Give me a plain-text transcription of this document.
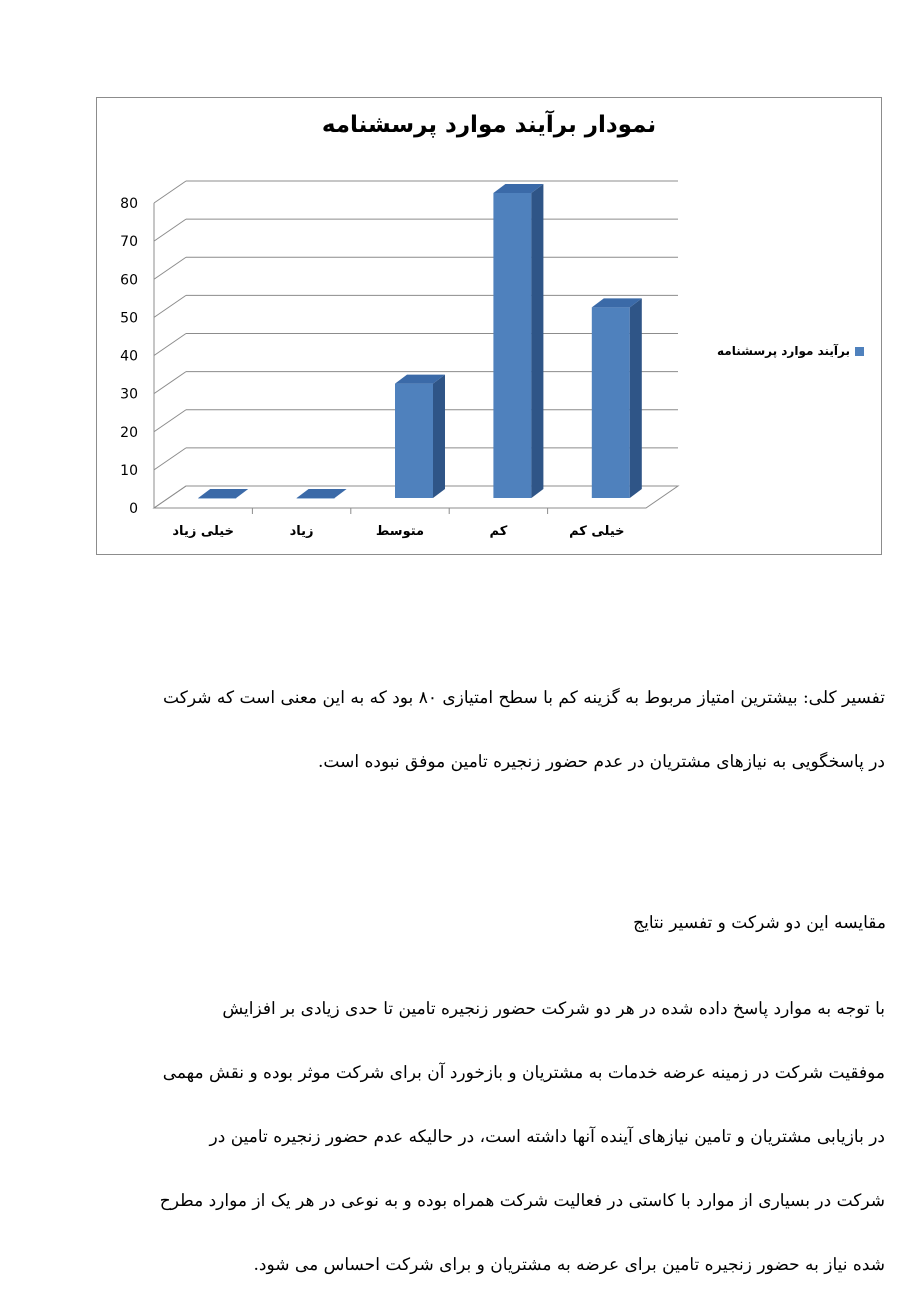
0
10
20
30
40
50
60
70
80
خیلی زیاد	زیاد	متوسط	کم	خیلی کم
نمودار برآیند موارد پرسشنامه
برآیند موارد پرسشنامه
تفسیر کلی: بیشترین امتیاز مربوط به گزینه کم با سطح امتیازی ۸۰ بود که به این معنی است که شرکت
در پاسخگویی به نیازهای مشتریان در عدم حضور زنجیره تامین موفق نبوده است.
مقایسه این دو شرکت و تفسیر نتایج
با توجه به موارد پاسخ داده شده در هر دو شرکت حضور زنجیره تامین تا حدی زیادی بر افزایش
موفقیت شرکت در زمینه عرضه خدمات به مشتریان و بازخورد آن برای شرکت موثر بوده و نقش مهمی
در بازیابی مشتریان و تامین نیازهای آینده آنها داشته است، در حالیکه عدم حضور زنجیره تامین در
شرکت در بسیاری از موارد با کاستی در فعالیت شرکت همراه بوده و به نوعی در هر یک از موارد مطرح
شده نیاز به حضور زنجیره تامین برای عرضه به مشتریان و برای شرکت احساس می شود.
